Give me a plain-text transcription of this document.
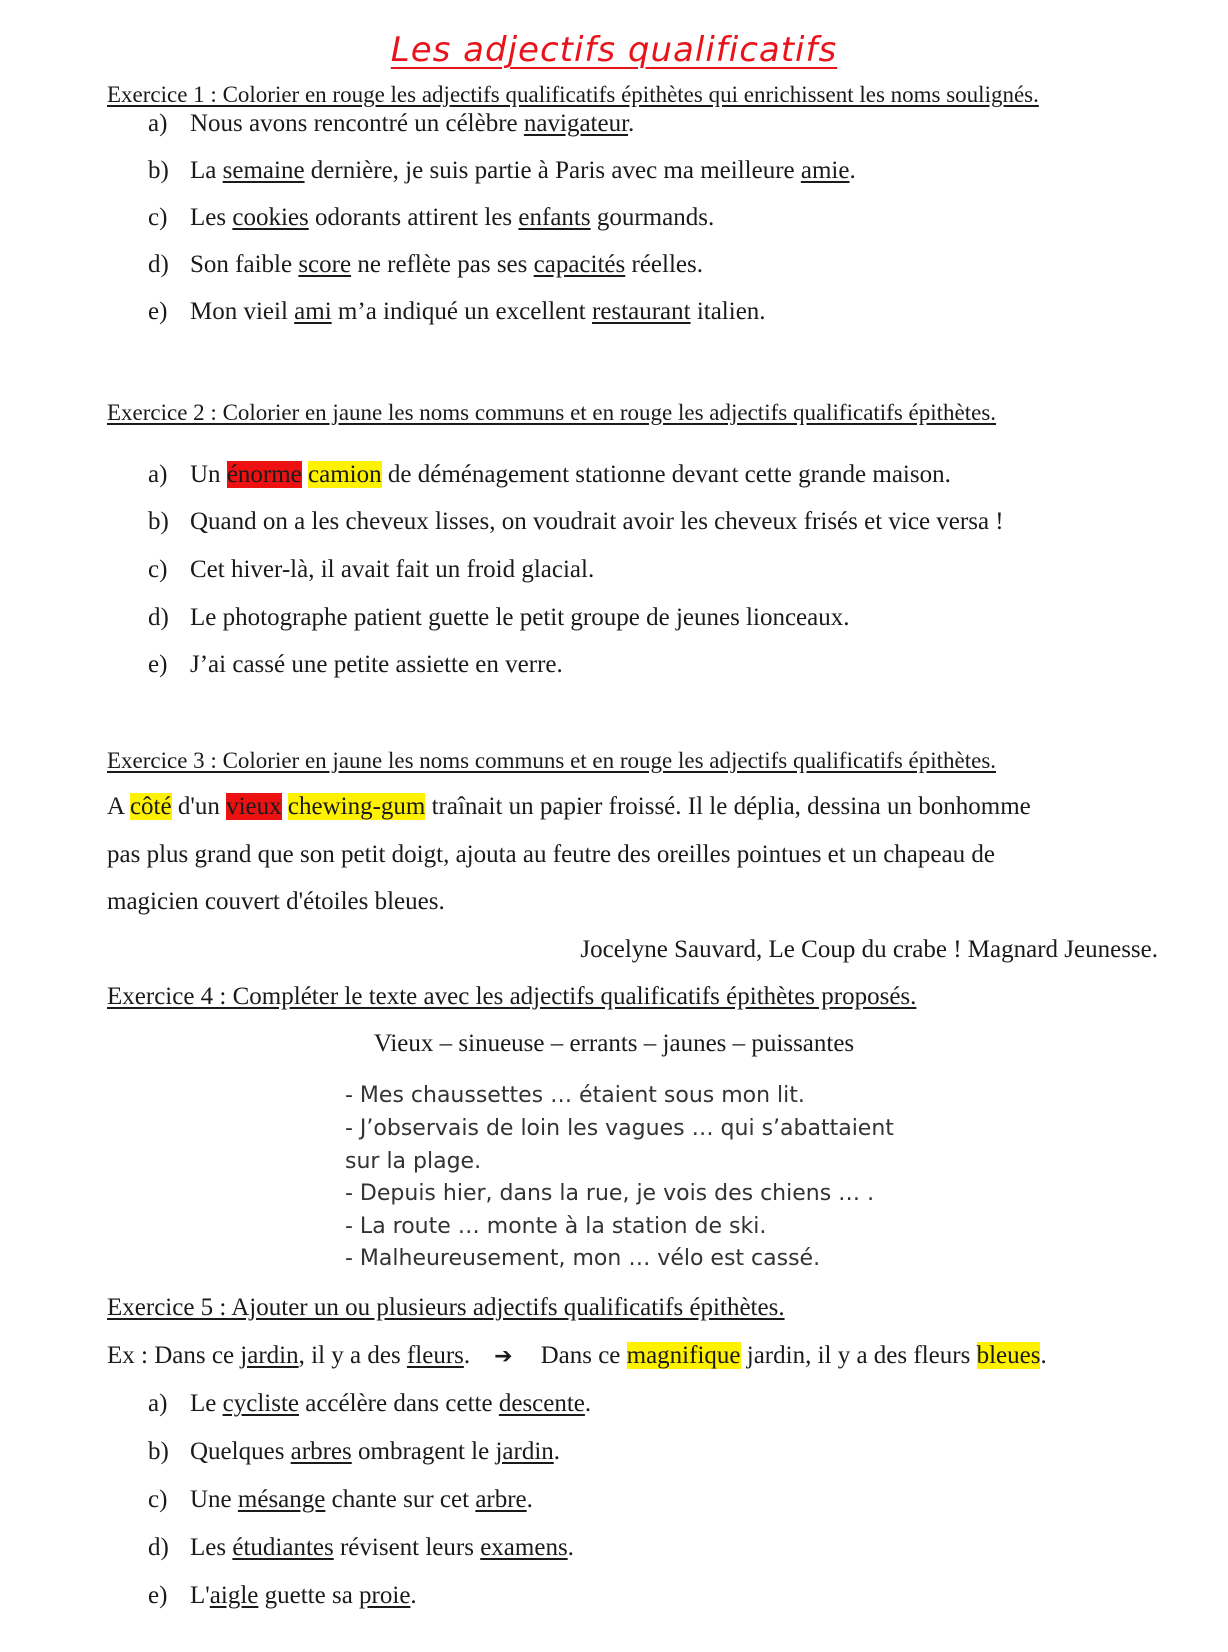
Les adjectifs qualificatifs
Exercice 1 : Colorier en rouge les adjectifs qualificatifs épithètes qui enrichissent les noms soulignés.
a) Nous avons rencontré un célèbre navigateur.
b) La semaine dernière, je suis partie à Paris avec ma meilleure amie.
c) Les cookies odorants attirent les enfants gourmands.
d) Son faible score ne reflète pas ses capacités réelles.
e) Mon vieil ami m’a indiqué un excellent restaurant italien.
Exercice 2 : Colorier en jaune les noms communs et en rouge les adjectifs qualificatifs épithètes.
a) Un énorme camion de déménagement stationne devant cette grande maison.
b) Quand on a les cheveux lisses, on voudrait avoir les cheveux frisés et vice versa !
c) Cet hiver-là, il avait fait un froid glacial.
d) Le photographe patient guette le petit groupe de jeunes lionceaux.
e) J’ai cassé une petite assiette en verre.
Exercice 3 : Colorier en jaune les noms communs et en rouge les adjectifs qualificatifs épithètes.
A côté d'un vieux chewing-gum traînait un papier froissé. Il le déplia, dessina un bonhomme
pas plus grand que son petit doigt, ajouta au feutre des oreilles pointues et un chapeau de
magicien couvert d'étoiles bleues.
Jocelyne Sauvard, Le Coup du crabe ! Magnard Jeunesse.
Exercice 4 : Compléter le texte avec les adjectifs qualificatifs épithètes proposés.
Vieux – sinueuse – errants – jaunes – puissantes
- Mes chaussettes … étaient sous mon lit.
- J’observais de loin les vagues … qui s’abattaient
sur la plage.
- Depuis hier, dans la rue, je vois des chiens … .
- La route … monte à la station de ski.
- Malheureusement, mon … vélo est cassé.
Exercice 5 : Ajouter un ou plusieurs adjectifs qualificatifs épithètes.
Ex : Dans ce jardin, il y a des fleurs. ➔ Dans ce magnifique jardin, il y a des fleurs bleues.
a) Le cycliste accélère dans cette descente.
b) Quelques arbres ombragent le jardin.
c) Une mésange chante sur cet arbre.
d) Les étudiantes révisent leurs examens.
e) L'aigle guette sa proie.
